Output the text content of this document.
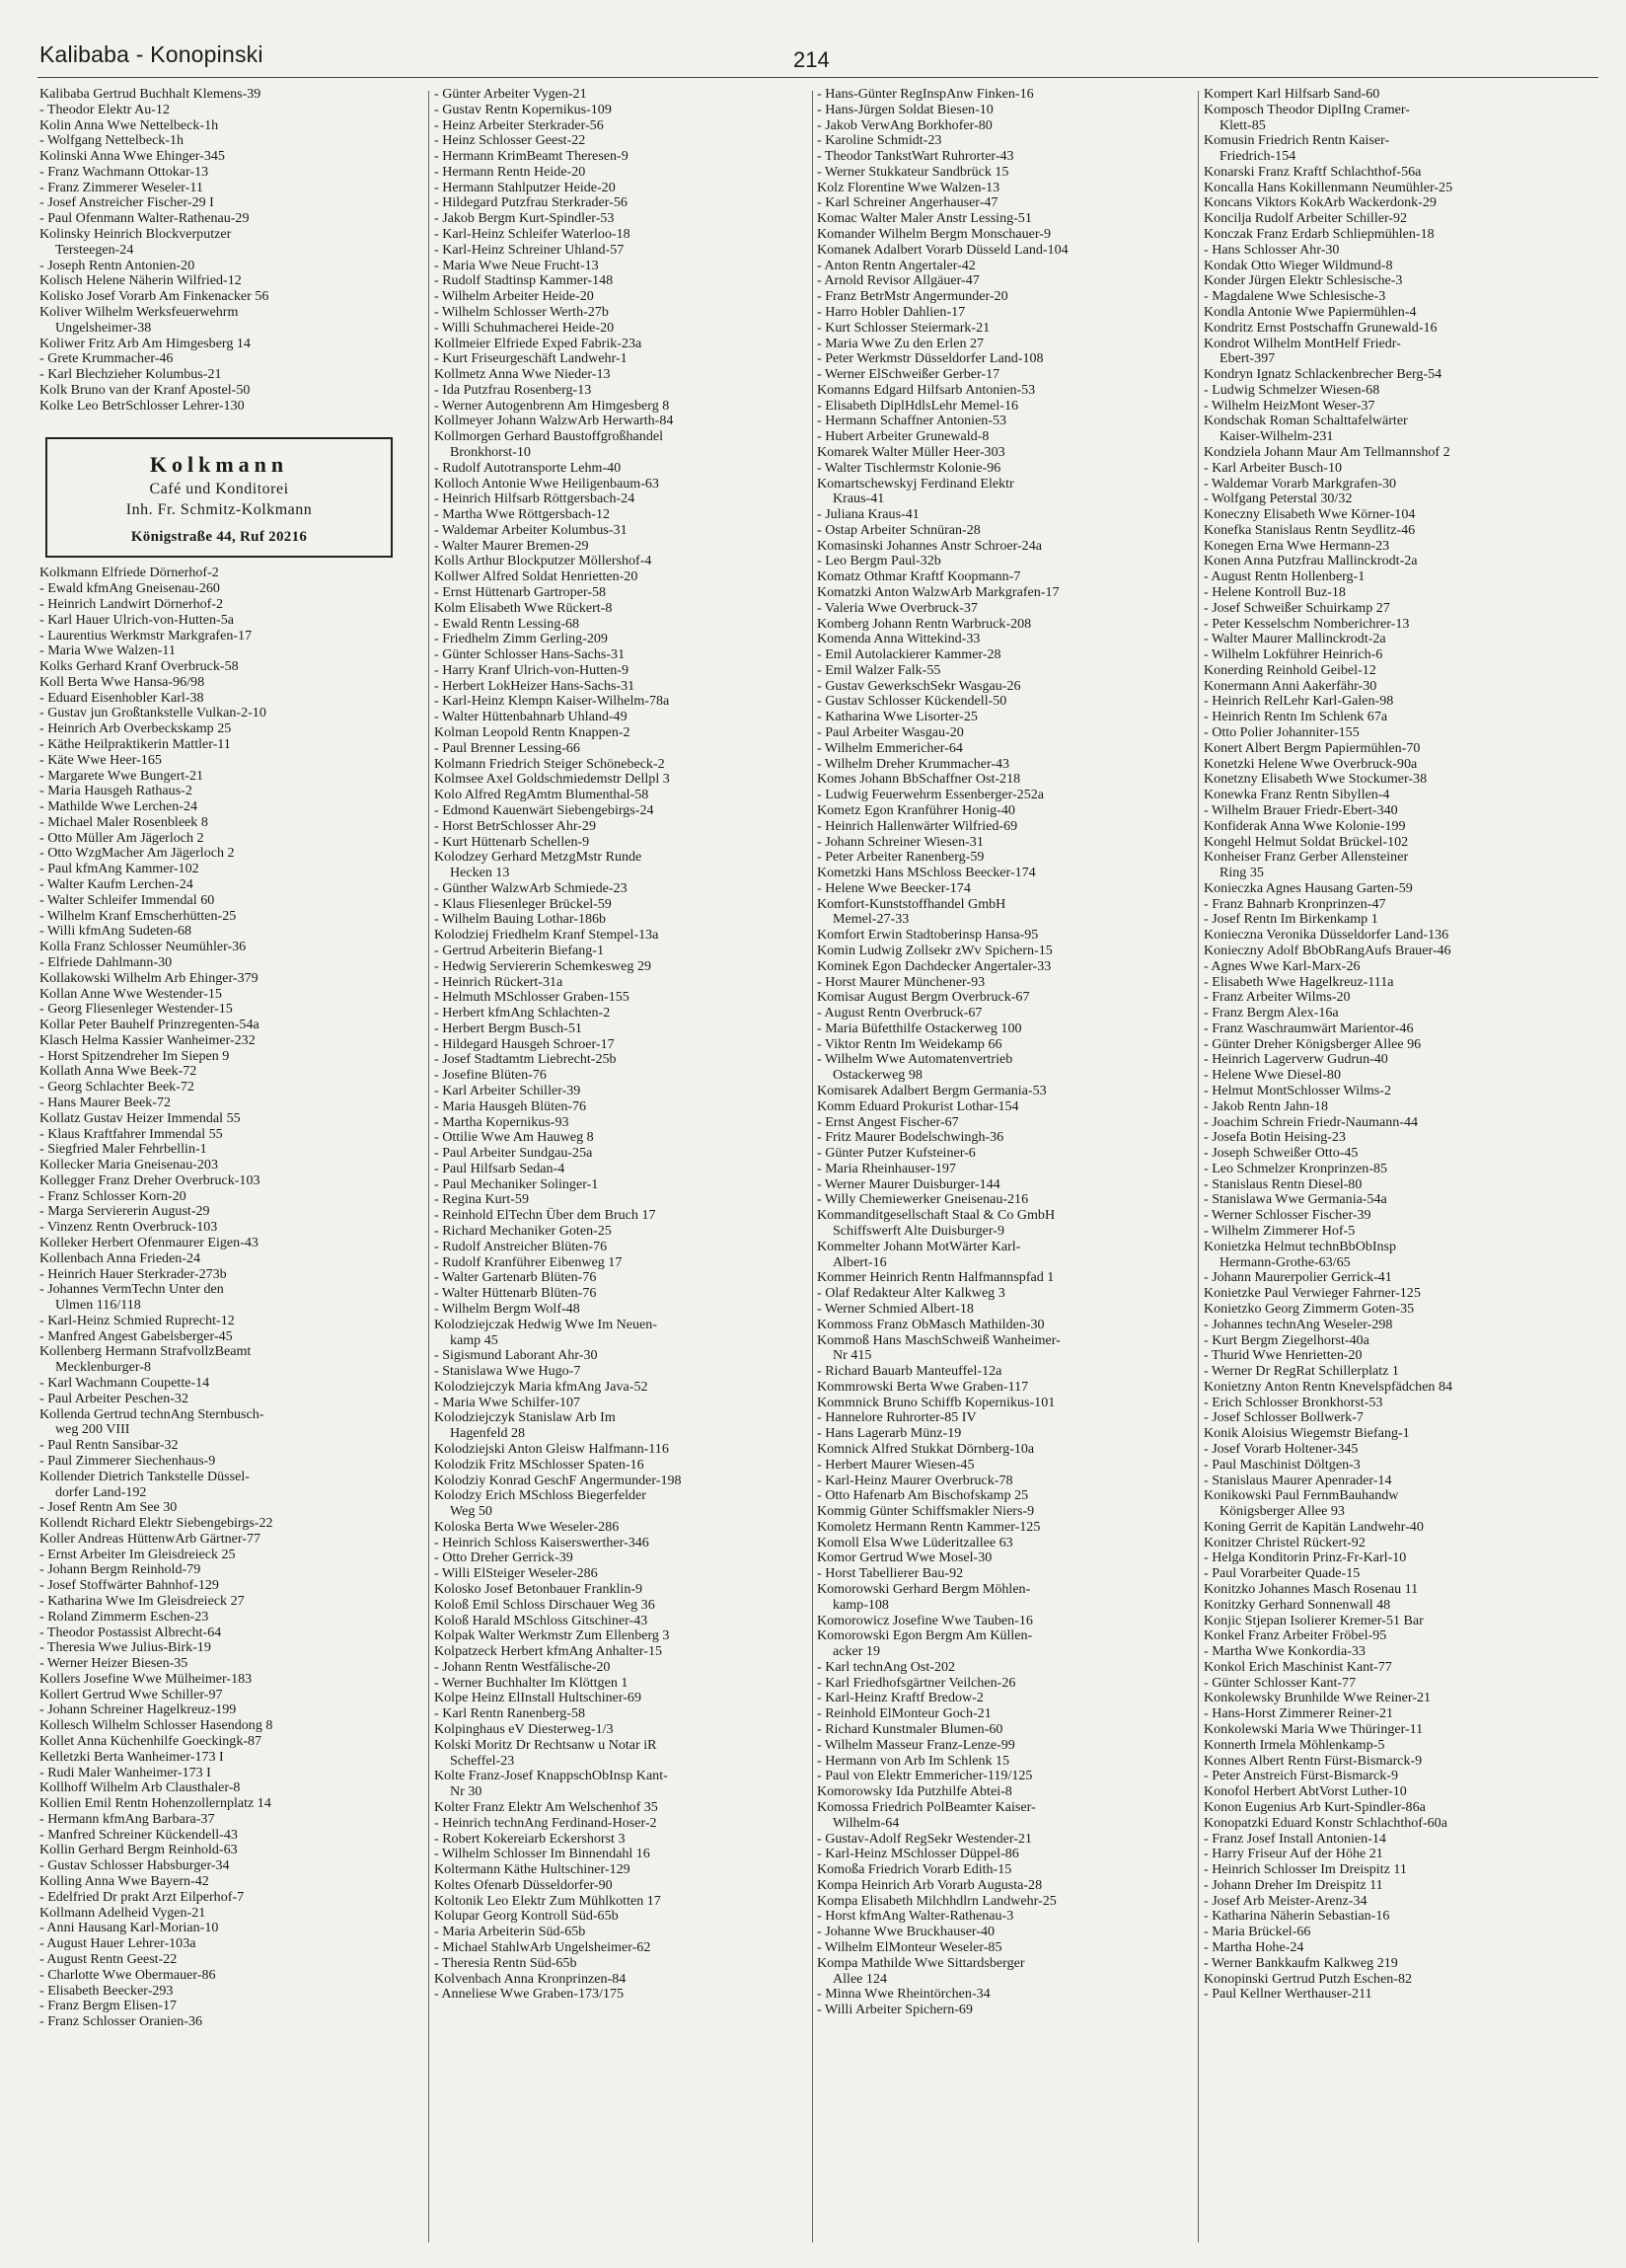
Kalibaba - Konopinski	214
Kalibaba Gertrud Buchhalt Klemens-39
- Theodor Elektr Au-12
Kolin Anna Wwe Nettelbeck-1h
- Wolfgang Nettelbeck-1h
Kolinski Anna Wwe Ehinger-345
- Franz Wachmann Ottokar-13
- Franz Zimmerer Weseler-11
- Josef Anstreicher Fischer-29 I
- Paul Ofenmann Walter-Rathenau-29
Kolinsky Heinrich Blockverputzer
Tersteegen-24
- Joseph Rentn Antonien-20
Kolisch Helene Näherin Wilfried-12
Kolisko Josef Vorarb Am Finkenacker 56
Koliver Wilhelm Werksfeuerwehrm
Ungelsheimer-38
Koliwer Fritz Arb Am Himgesberg 14
- Grete Krummacher-46
- Karl Blechzieher Kolumbus-21
Kolk Bruno van der Kranf Apostel-50
Kolke Leo BetrSchlosser Lehrer-130
Kolkmann
Café und Konditorei
Inh. Fr. Schmitz-Kolkmann
Königstraße 44, Ruf 20216
Kolkmann Elfriede Dörnerhof-2
- Ewald kfmAng Gneisenau-260
- Heinrich Landwirt Dörnerhof-2
- Karl Hauer Ulrich-von-Hutten-5a
- Laurentius Werkmstr Markgrafen-17
- Maria Wwe Walzen-11
Kolks Gerhard Kranf Overbruck-58
Koll Berta Wwe Hansa-96/98
- Eduard Eisenhobler Karl-38
- Gustav jun Großtankstelle Vulkan-2-10
- Heinrich Arb Overbeckskamp 25
- Käthe Heilpraktikerin Mattler-11
- Käte Wwe Heer-165
- Margarete Wwe Bungert-21
- Maria Hausgeh Rathaus-2
- Mathilde Wwe Lerchen-24
- Michael Maler Rosenbleek 8
- Otto Müller Am Jägerloch 2
- Otto WzgMacher Am Jägerloch 2
- Paul kfmAng Kammer-102
- Walter Kaufm Lerchen-24
- Walter Schleifer Immendal 60
- Wilhelm Kranf Emscherhütten-25
- Willi kfmAng Sudeten-68
Kolla Franz Schlosser Neumühler-36
- Elfriede Dahlmann-30
Kollakowski Wilhelm Arb Ehinger-379
Kollan Anne Wwe Westender-15
- Georg Fliesenleger Westender-15
Kollar Peter Bauhelf Prinzregenten-54a
Klasch Helma Kassier Wanheimer-232
- Horst Spitzendreher Im Siepen 9
Kollath Anna Wwe Beek-72
- Georg Schlachter Beek-72
- Hans Maurer Beek-72
Kollatz Gustav Heizer Immendal 55
- Klaus Kraftfahrer Immendal 55
- Siegfried Maler Fehrbellin-1
Kollecker Maria Gneisenau-203
Kollegger Franz Dreher Overbruck-103
- Franz Schlosser Korn-20
- Marga Serviererin August-29
- Vinzenz Rentn Overbruck-103
Kolleker Herbert Ofenmaurer Eigen-43
Kollenbach Anna Frieden-24
- Heinrich Hauer Sterkrader-273b
- Johannes VermTechn Unter den
Ulmen 116/118
- Karl-Heinz Schmied Ruprecht-12
- Manfred Angest Gabelsberger-45
Kollenberg Hermann StrafvollzBeamt
Mecklenburger-8
- Karl Wachmann Coupette-14
- Paul Arbeiter Peschen-32
Kollenda Gertrud technAng Sternbusch-
weg 200 VIII
- Paul Rentn Sansibar-32
- Paul Zimmerer Siechenhaus-9
Kollender Dietrich Tankstelle Düssel-
dorfer Land-192
- Josef Rentn Am See 30
Kollendt Richard Elektr Siebengebirgs-22
Koller Andreas HüttenwArb Gärtner-77
- Ernst Arbeiter Im Gleisdreieck 25
- Johann Bergm Reinhold-79
- Josef Stoffwärter Bahnhof-129
- Katharina Wwe Im Gleisdreieck 27
- Roland Zimmerm Eschen-23
- Theodor Postassist Albrecht-64
- Theresia Wwe Julius-Birk-19
- Werner Heizer Biesen-35
Kollers Josefine Wwe Mülheimer-183
Kollert Gertrud Wwe Schiller-97
- Johann Schreiner Hagelkreuz-199
Kollesch Wilhelm Schlosser Hasendong 8
Kollet Anna Küchenhilfe Goeckingk-87
Kelletzki Berta Wanheimer-173 I
- Rudi Maler Wanheimer-173 I
Kollhoff Wilhelm Arb Clausthaler-8
Kollien Emil Rentn Hohenzollernplatz 14
- Hermann kfmAng Barbara-37
- Manfred Schreiner Kückendell-43
Kollin Gerhard Bergm Reinhold-63
- Gustav Schlosser Habsburger-34
Kolling Anna Wwe Bayern-42
- Edelfried Dr prakt Arzt Eilperhof-7
Kollmann Adelheid Vygen-21
- Anni Hausang Karl-Morian-10
- August Hauer Lehrer-103a
- August Rentn Geest-22
- Charlotte Wwe Obermauer-86
- Elisabeth Beecker-293
- Franz Bergm Elisen-17
- Franz Schlosser Oranien-36
- Günter Arbeiter Vygen-21
- Gustav Rentn Kopernikus-109
- Heinz Arbeiter Sterkrader-56
- Heinz Schlosser Geest-22
- Hermann KrimBeamt Theresen-9
- Hermann Rentn Heide-20
- Hermann Stahlputzer Heide-20
- Hildegard Putzfrau Sterkrader-56
- Jakob Bergm Kurt-Spindler-53
- Karl-Heinz Schleifer Waterloo-18
- Karl-Heinz Schreiner Uhland-57
- Maria Wwe Neue Frucht-13
- Rudolf Stadtinsp Kammer-148
- Wilhelm Arbeiter Heide-20
- Wilhelm Schlosser Werth-27b
- Willi Schuhmacherei Heide-20
Kollmeier Elfriede Exped Fabrik-23a
- Kurt Friseurgeschäft Landwehr-1
Kollmetz Anna Wwe Nieder-13
- Ida Putzfrau Rosenberg-13
- Werner Autogenbrenn Am Himgesberg 8
Kollmeyer Johann WalzwArb Herwarth-84
Kollmorgen Gerhard Baustoffgroßhandel
Bronkhorst-10
- Rudolf Autotransporte Lehm-40
Kolloch Antonie Wwe Heiligenbaum-63
- Heinrich Hilfsarb Röttgersbach-24
- Martha Wwe Röttgersbach-12
- Waldemar Arbeiter Kolumbus-31
- Walter Maurer Bremen-29
Kolls Arthur Blockputzer Möllershof-4
Kollwer Alfred Soldat Henrietten-20
- Ernst Hüttenarb Gartroper-58
Kolm Elisabeth Wwe Rückert-8
- Ewald Rentn Lessing-68
- Friedhelm Zimm Gerling-209
- Günter Schlosser Hans-Sachs-31
- Harry Kranf Ulrich-von-Hutten-9
- Herbert LokHeizer Hans-Sachs-31
- Karl-Heinz Klempn Kaiser-Wilhelm-78a
- Walter Hüttenbahnarb Uhland-49
Kolman Leopold Rentn Knappen-2
- Paul Brenner Lessing-66
Kolmann Friedrich Steiger Schönebeck-2
Kolmsee Axel Goldschmiedemstr Dellpl 3
Kolo Alfred RegAmtm Blumenthal-58
- Edmond Kauenwärt Siebengebirgs-24
- Horst BetrSchlosser Ahr-29
- Kurt Hüttenarb Schellen-9
Kolodzey Gerhard MetzgMstr Runde
Hecken 13
- Günther WalzwArb Schmiede-23
- Klaus Fliesenleger Brückel-59
- Wilhelm Bauing Lothar-186b
Kolodziej Friedhelm Kranf Stempel-13a
- Gertrud Arbeiterin Biefang-1
- Hedwig Serviererin Schemkesweg 29
- Heinrich Rückert-31a
- Helmuth MSchlosser Graben-155
- Herbert kfmAng Schlachten-2
- Herbert Bergm Busch-51
- Hildegard Hausgeh Schroer-17
- Josef Stadtamtm Liebrecht-25b
- Josefine Blüten-76
- Karl Arbeiter Schiller-39
- Maria Hausgeh Blüten-76
- Martha Kopernikus-93
- Ottilie Wwe Am Hauweg 8
- Paul Arbeiter Sundgau-25a
- Paul Hilfsarb Sedan-4
- Paul Mechaniker Solinger-1
- Regina Kurt-59
- Reinhold ElTechn Über dem Bruch 17
- Richard Mechaniker Goten-25
- Rudolf Anstreicher Blüten-76
- Rudolf Kranführer Eibenweg 17
- Walter Gartenarb Blüten-76
- Walter Hüttenarb Blüten-76
- Wilhelm Bergm Wolf-48
Kolodziejczak Hedwig Wwe Im Neuen-
kamp 45
- Sigismund Laborant Ahr-30
- Stanislawa Wwe Hugo-7
Kolodziejczyk Maria kfmAng Java-52
- Maria Wwe Schilfer-107
Kolodziejczyk Stanislaw Arb Im
Hagenfeld 28
Kolodziejski Anton Gleisw Halfmann-116
Kolodzik Fritz MSchlosser Spaten-16
Kolodziy Konrad GeschF Angermunder-198
Kolodzy Erich MSchloss Biegerfelder
Weg 50
Koloska Berta Wwe Weseler-286
- Heinrich Schloss Kaiserswerther-346
- Otto Dreher Gerrick-39
- Willi ElSteiger Weseler-286
Kolosko Josef Betonbauer Franklin-9
Koloß Emil Schloss Dirschauer Weg 36
Koloß Harald MSchloss Gitschiner-43
Kolpak Walter Werkmstr Zum Ellenberg 3
Kolpatzeck Herbert kfmAng Anhalter-15
- Johann Rentn Westfälische-20
- Werner Buchhalter Im Klöttgen 1
Kolpe Heinz ElInstall Hultschiner-69
- Karl Rentn Ranenberg-58
Kolpinghaus eV Diesterweg-1/3
Kolski Moritz Dr Rechtsanw u Notar iR
Scheffel-23
Kolte Franz-Josef KnappschObInsp Kant-
Nr 30
Kolter Franz Elektr Am Welschenhof 35
- Heinrich technAng Ferdinand-Hoser-2
- Robert Kokereiarb Eckershorst 3
- Wilhelm Schlosser Im Binnendahl 16
Koltermann Käthe Hultschiner-129
Koltes Ofenarb Düsseldorfer-90
Koltonik Leo Elektr Zum Mühlkotten 17
Kolupar Georg Kontroll Süd-65b
- Maria Arbeiterin Süd-65b
- Michael StahlwArb Ungelsheimer-62
- Theresia Rentn Süd-65b
Kolvenbach Anna Kronprinzen-84
- Anneliese Wwe Graben-173/175
- Hans-Günter RegInspAnw Finken-16
- Hans-Jürgen Soldat Biesen-10
- Jakob VerwAng Borkhofer-80
- Karoline Schmidt-23
- Theodor TankstWart Ruhrorter-43
- Werner Stukkateur Sandbrück 15
Kolz Florentine Wwe Walzen-13
- Karl Schreiner Angerhauser-47
Komac Walter Maler Anstr Lessing-51
Komander Wilhelm Bergm Monschauer-9
Komanek Adalbert Vorarb Düsseld Land-104
- Anton Rentn Angertaler-42
- Arnold Revisor Allgäuer-47
- Franz BetrMstr Angermunder-20
- Harro Hobler Dahlien-17
- Kurt Schlosser Steiermark-21
- Maria Wwe Zu den Erlen 27
- Peter Werkmstr Düsseldorfer Land-108
- Werner ElSchweißer Gerber-17
Komanns Edgard Hilfsarb Antonien-53
- Elisabeth DiplHdlsLehr Memel-16
- Hermann Schaffner Antonien-53
- Hubert Arbeiter Grunewald-8
Komarek Walter Müller Heer-303
- Walter Tischlermstr Kolonie-96
Komartschewskyj Ferdinand Elektr
Kraus-41
- Juliana Kraus-41
- Ostap Arbeiter Schnüran-28
Komasinski Johannes Anstr Schroer-24a
- Leo Bergm Paul-32b
Komatz Othmar Kraftf Koopmann-7
Komatzki Anton WalzwArb Markgrafen-17
- Valeria Wwe Overbruck-37
Komberg Johann Rentn Warbruck-208
Komenda Anna Wittekind-33
- Emil Autolackierer Kammer-28
- Emil Walzer Falk-55
- Gustav GewerkschSekr Wasgau-26
- Gustav Schlosser Kückendell-50
- Katharina Wwe Lisorter-25
- Paul Arbeiter Wasgau-20
- Wilhelm Emmericher-64
- Wilhelm Dreher Krummacher-43
Komes Johann BbSchaffner Ost-218
- Ludwig Feuerwehrm Essenberger-252a
Kometz Egon Kranführer Honig-40
- Heinrich Hallenwärter Wilfried-69
- Johann Schreiner Wiesen-31
- Peter Arbeiter Ranenberg-59
Kometzki Hans MSchloss Beecker-174
- Helene Wwe Beecker-174
Komfort-Kunststoffhandel GmbH
Memel-27-33
Komfort Erwin Stadtoberinsp Hansa-95
Komin Ludwig Zollsekr zWv Spichern-15
Kominek Egon Dachdecker Angertaler-33
- Horst Maurer Münchener-93
Komisar August Bergm Overbruck-67
- August Rentn Overbruck-67
- Maria Büfetthilfe Ostackerweg 100
- Viktor Rentn Im Weidekamp 66
- Wilhelm Wwe Automatenvertrieb
Ostackerweg 98
Komisarek Adalbert Bergm Germania-53
Komm Eduard Prokurist Lothar-154
- Ernst Angest Fischer-67
- Fritz Maurer Bodelschwingh-36
- Günter Putzer Kufsteiner-6
- Maria Rheinhauser-197
- Werner Maurer Duisburger-144
- Willy Chemiewerker Gneisenau-216
Kommanditgesellschaft Staal & Co GmbH
Schiffswerft Alte Duisburger-9
Kommelter Johann MotWärter Karl-
Albert-16
Kommer Heinrich Rentn Halfmannspfad 1
- Olaf Redakteur Alter Kalkweg 3
- Werner Schmied Albert-18
Kommoss Franz ObMasch Mathilden-30
Kommoß Hans MaschSchweiß Wanheimer-
Nr 415
- Richard Bauarb Manteuffel-12a
Kommrowski Berta Wwe Graben-117
Kommnick Bruno Schiffb Kopernikus-101
- Hannelore Ruhrorter-85 IV
- Hans Lagerarb Münz-19
Komnick Alfred Stukkat Dörnberg-10a
- Herbert Maurer Wiesen-45
- Karl-Heinz Maurer Overbruck-78
- Otto Hafenarb Am Bischofskamp 25
Kommig Günter Schiffsmakler Niers-9
Komoletz Hermann Rentn Kammer-125
Komoll Elsa Wwe Lüderitzallee 63
Komor Gertrud Wwe Mosel-30
- Horst Tabellierer Bau-92
Komorowski Gerhard Bergm Möhlen-
kamp-108
Komorowicz Josefine Wwe Tauben-16
Komorowski Egon Bergm Am Küllen-
acker 19
- Karl technAng Ost-202
- Karl Friedhofsgärtner Veilchen-26
- Karl-Heinz Kraftf Bredow-2
- Reinhold ElMonteur Goch-21
- Richard Kunstmaler Blumen-60
- Wilhelm Masseur Franz-Lenze-99
- Hermann von Arb Im Schlenk 15
- Paul von Elektr Emmericher-119/125
Komorowsky Ida Putzhilfe Abtei-8
Komossa Friedrich PolBeamter Kaiser-
Wilhelm-64
- Gustav-Adolf RegSekr Westender-21
- Karl-Heinz MSchlosser Düppel-86
Komoßa Friedrich Vorarb Edith-15
Kompa Heinrich Arb Vorarb Augusta-28
Kompa Elisabeth Milchhdlrn Landwehr-25
- Horst kfmAng Walter-Rathenau-3
- Johanne Wwe Bruckhauser-40
- Wilhelm ElMonteur Weseler-85
Kompa Mathilde Wwe Sittardsberger
Allee 124
- Minna Wwe Rheintörchen-34
- Willi Arbeiter Spichern-69
Kompert Karl Hilfsarb Sand-60
Komposch Theodor DiplIng Cramer-
Klett-85
Komusin Friedrich Rentn Kaiser-
Friedrich-154
Konarski Franz Kraftf Schlachthof-56a
Koncalla Hans Kokillenmann Neumühler-25
Koncans Viktors KokArb Wackerdonk-29
Koncilja Rudolf Arbeiter Schiller-92
Konczak Franz Erdarb Schliepmühlen-18
- Hans Schlosser Ahr-30
Kondak Otto Wieger Wildmund-8
Konder Jürgen Elektr Schlesische-3
- Magdalene Wwe Schlesische-3
Kondla Antonie Wwe Papiermühlen-4
Kondritz Ernst Postschaffn Grunewald-16
Kondrot Wilhelm MontHelf Friedr-
Ebert-397
Kondryn Ignatz Schlackenbrecher Berg-54
- Ludwig Schmelzer Wiesen-68
- Wilhelm HeizMont Weser-37
Kondschak Roman Schalttafelwärter
Kaiser-Wilhelm-231
Kondziela Johann Maur Am Tellmannshof 2
- Karl Arbeiter Busch-10
- Waldemar Vorarb Markgrafen-30
- Wolfgang Peterstal 30/32
Koneczny Elisabeth Wwe Körner-104
Konefka Stanislaus Rentn Seydlitz-46
Konegen Erna Wwe Hermann-23
Konen Anna Putzfrau Mallinckrodt-2a
- August Rentn Hollenberg-1
- Helene Kontroll Buz-18
- Josef Schweißer Schuirkamp 27
- Peter Kesselschm Nomberichrer-13
- Walter Maurer Mallinckrodt-2a
- Wilhelm Lokführer Heinrich-6
Konerding Reinhold Geibel-12
Konermann Anni Aakerfähr-30
- Heinrich RelLehr Karl-Galen-98
- Heinrich Rentn Im Schlenk 67a
- Otto Polier Johanniter-155
Konert Albert Bergm Papiermühlen-70
Konetzki Helene Wwe Overbruck-90a
Konetzny Elisabeth Wwe Stockumer-38
Konewka Franz Rentn Sibyllen-4
- Wilhelm Brauer Friedr-Ebert-340
Konfiderak Anna Wwe Kolonie-199
Kongehl Helmut Soldat Brückel-102
Konheiser Franz Gerber Allensteiner
Ring 35
Konieczka Agnes Hausang Garten-59
- Franz Bahnarb Kronprinzen-47
- Josef Rentn Im Birkenkamp 1
Konieczna Veronika Düsseldorfer Land-136
Konieczny Adolf BbObRangAufs Brauer-46
- Agnes Wwe Karl-Marx-26
- Elisabeth Wwe Hagelkreuz-111a
- Franz Arbeiter Wilms-20
- Franz Bergm Alex-16a
- Franz Waschraumwärt Marientor-46
- Günter Dreher Königsberger Allee 96
- Heinrich Lagerverw Gudrun-40
- Helene Wwe Diesel-80
- Helmut MontSchlosser Wilms-2
- Jakob Rentn Jahn-18
- Joachim Schrein Friedr-Naumann-44
- Josefa Botin Heising-23
- Joseph Schweißer Otto-45
- Leo Schmelzer Kronprinzen-85
- Stanislaus Rentn Diesel-80
- Stanislawa Wwe Germania-54a
- Werner Schlosser Fischer-39
- Wilhelm Zimmerer Hof-5
Konietzka Helmut technBbObInsp
Hermann-Grothe-63/65
- Johann Maurerpolier Gerrick-41
Konietzke Paul Verwieger Fahrner-125
Konietzko Georg Zimmerm Goten-35
- Johannes technAng Weseler-298
- Kurt Bergm Ziegelhorst-40a
- Thurid Wwe Henrietten-20
- Werner Dr RegRat Schillerplatz 1
Konietzny Anton Rentn Knevelspfädchen 84
- Erich Schlosser Bronkhorst-53
- Josef Schlosser Bollwerk-7
Konik Aloisius Wiegemstr Biefang-1
- Josef Vorarb Holtener-345
- Paul Maschinist Döltgen-3
- Stanislaus Maurer Apenrader-14
Konikowski Paul FernmBauhandw
Königsberger Allee 93
Koning Gerrit de Kapitän Landwehr-40
Konitzer Christel Rückert-92
- Helga Konditorin Prinz-Fr-Karl-10
- Paul Vorarbeiter Quade-15
Konitzko Johannes Masch Rosenau 11
Konitzky Gerhard Sonnenwall 48
Konjic Stjepan Isolierer Kremer-51 Bar
Konkel Franz Arbeiter Fröbel-95
- Martha Wwe Konkordia-33
Konkol Erich Maschinist Kant-77
- Günter Schlosser Kant-77
Konkolewsky Brunhilde Wwe Reiner-21
- Hans-Horst Zimmerer Reiner-21
Konkolewski Maria Wwe Thüringer-11
Konnerth Irmela Möhlenkamp-5
Konnes Albert Rentn Fürst-Bismarck-9
- Peter Anstreich Fürst-Bismarck-9
Konofol Herbert AbtVorst Luther-10
Konon Eugenius Arb Kurt-Spindler-86a
Konopatzki Eduard Konstr Schlachthof-60a
- Franz Josef Install Antonien-14
- Harry Friseur Auf der Höhe 21
- Heinrich Schlosser Im Dreispitz 11
- Johann Dreher Im Dreispitz 11
- Josef Arb Meister-Arenz-34
- Katharina Näherin Sebastian-16
- Maria Brückel-66
- Martha Hohe-24
- Werner Bankkaufm Kalkweg 219
Konopinski Gertrud Putzh Eschen-82
- Paul Kellner Werthauser-211
